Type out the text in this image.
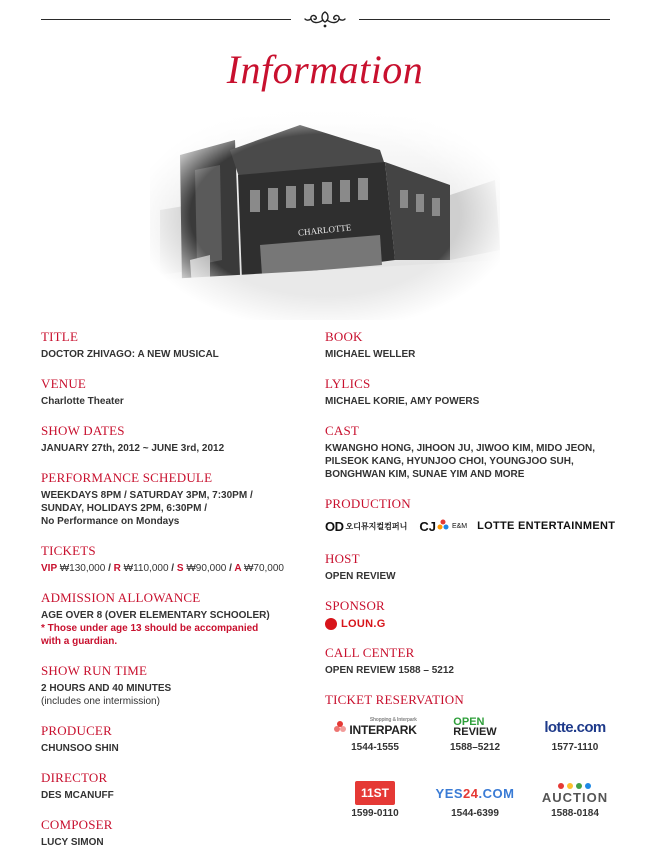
Information
TITLE
DOCTOR ZHIVAGO: A NEW MUSICAL
VENUE
Charlotte Theater
SHOW DATES
JANUARY 27th, 2012 ~ JUNE 3rd, 2012
PERFORMANCE SCHEDULE
WEEKDAYS 8PM / SATURDAY 3PM, 7:30PM /
SUNDAY, HOLIDAYS 2PM, 6:30PM /
No Performance on Mondays
TICKETS
VIP ₩130,000 / R ₩110,000 / S ₩90,000 / A ₩70,000
ADMISSION ALLOWANCE
AGE OVER 8 (OVER ELEMENTARY SCHOOLER)
* Those under age 13 should be accompanied
with a guardian.
SHOW RUN TIME
2 HOURS AND 40 MINUTES
(includes one intermission)
PRODUCER
CHUNSOO SHIN
DIRECTOR
DES MCANUFF
COMPOSER
LUCY SIMON
BOOK
MICHAEL WELLER
LYLICS
MICHAEL KORIE, AMY POWERS
CAST
KWANGHO HONG, JIHOON JU, JIWOO KIM, MIDO JEON,
PILSEOK KANG, HYUNJOO CHOI, YOUNGJOO SUH,
BONGHWAN KIM, SUNAE YIM AND MORE
PRODUCTION
OD 오디뮤지컬컴퍼니 CJ E&M LOTTE ENTERTAINMENT
HOST
OPEN REVIEW
SPONSOR
LOUN.G
CALL CENTER
OPEN REVIEW 1588 – 5212
TICKET RESERVATION
Shopping & Interpark
INTERPARK
1544-1555
OPEN
REVIEW
1588–5212
lotte.com
1577-1110
11ST
1599-0110
YES24.COM
1544-6399
AUCTION
1588-0184
